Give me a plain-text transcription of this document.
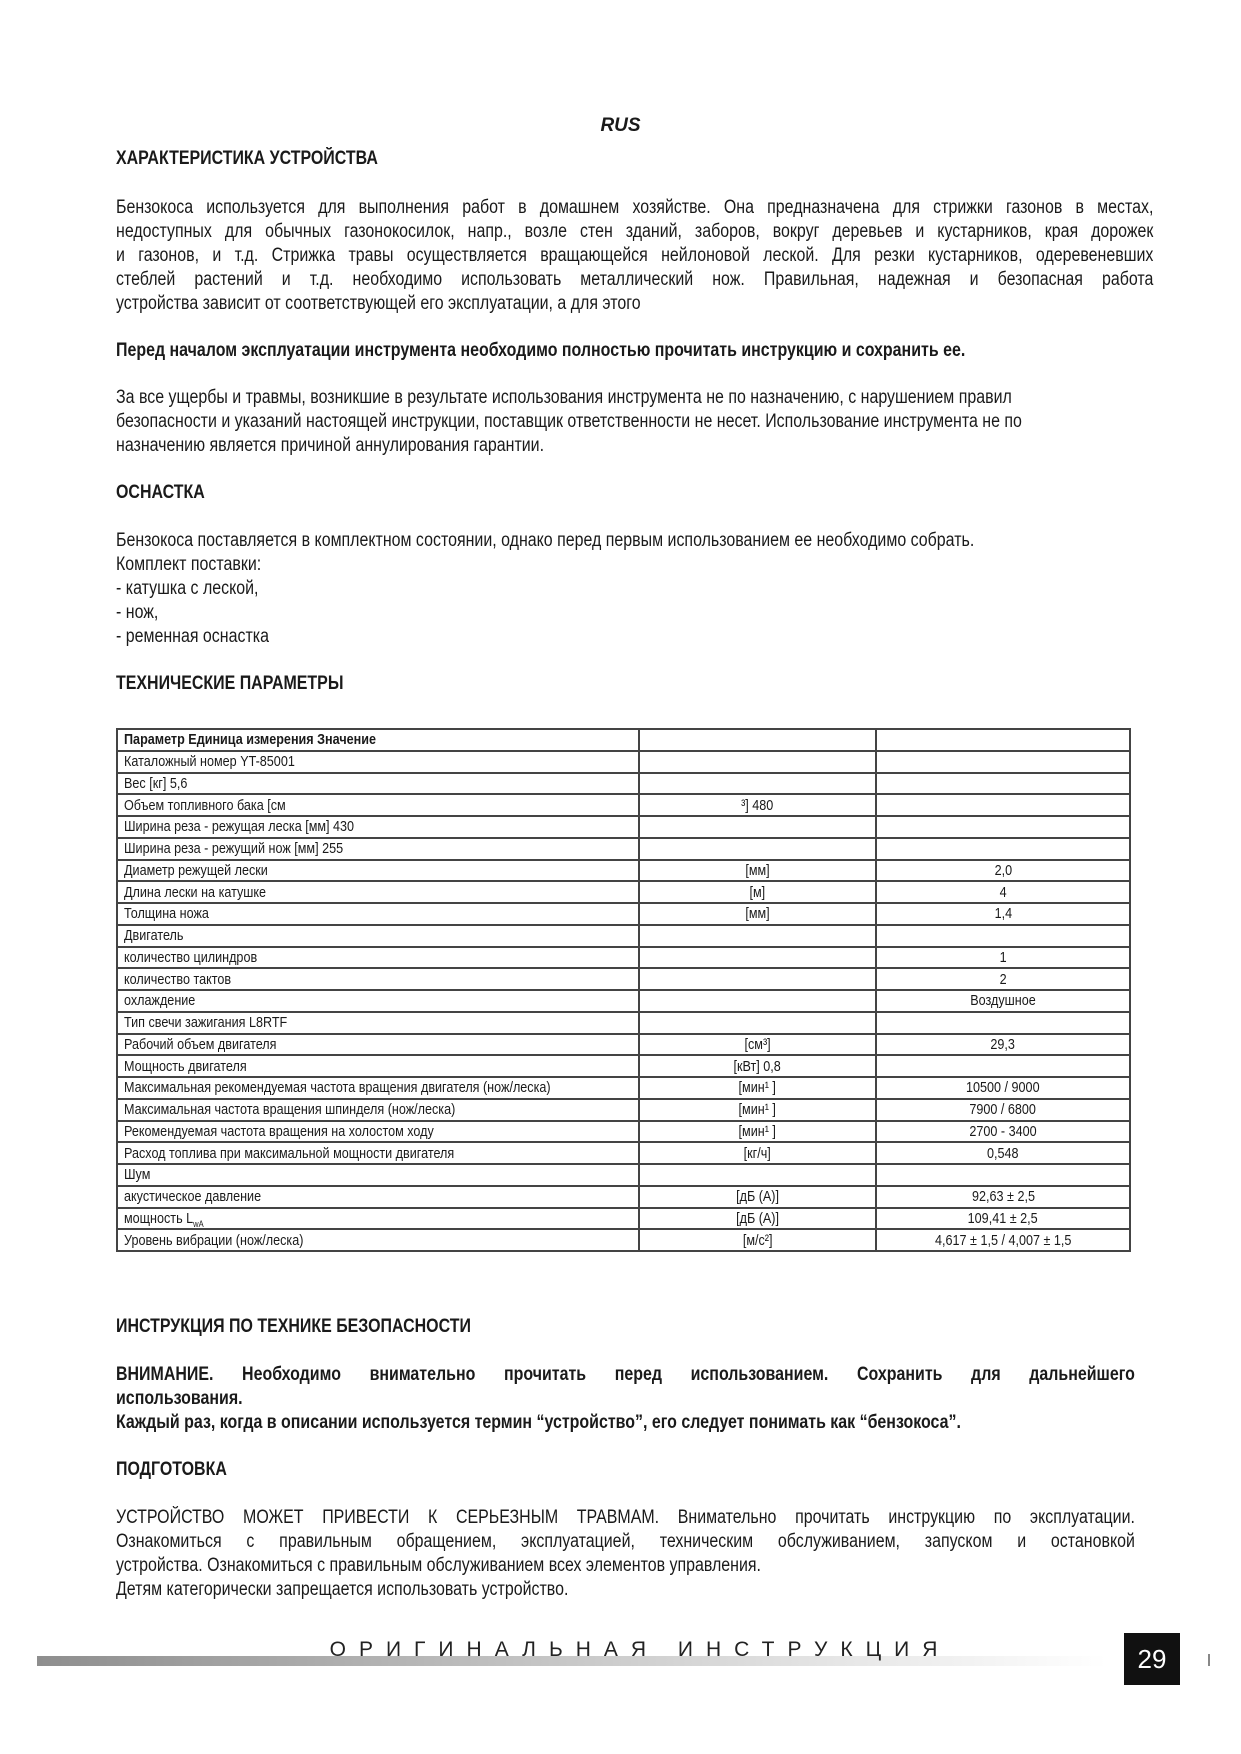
RUS
ХАРАКТЕРИСТИКА УСТРОЙСТВА
Бензокоса используется для выполнения работ в домашнем хозяйстве. Она предназначена для стрижки газонов в местах,
недоступных для обычных газонокосилок, напр., возле стен зданий, заборов, вокруг деревьев и кустарников, края дорожек
и газонов, и т.д. Стрижка травы осуществляется вращающейся нейлоновой леской. Для резки кустарников, одеревеневших
стеблей растений и т.д. необходимо использовать металлический нож. Правильная, надежная и безопасная работа
устройства зависит от соответствующей его эксплуатации, а для этого
Перед началом эксплуатации инструмента необходимо полностью прочитать инструкцию и сохранить ее.
За все ущербы и травмы, возникшие в результате использования инструмента не по назначению, с нарушением правил
безопасности и указаний настоящей инструкции, поставщик ответственности не несет. Использование инструмента не по
назначению является причиной аннулирования гарантии.
ОСНАСТКА
Бензокоса поставляется в комплектном состоянии, однако перед первым использованием ее необходимо собрать.
Комплект поставки:
- катушка с леской,
- нож,
- ременная оснастка
ТЕХНИЧЕСКИЕ ПАРАМЕТРЫ
Параметр Единица измерения Значение		
Каталожный номер YT-85001		
Вес [кг] 5,6		
Объем топливного бака [см	³] 480	
Ширина реза - режущая леска [мм] 430		
Ширина реза - режущий нож [мм] 255		
Диаметр режущей лески	[мм]	2,0
Длина лески на катушке	[м]	4
Толщина ножа	[мм]	1,4
Двигатель		
количество цилиндров		1
количество тактов		2
охлаждение		Воздушное
Тип свечи зажигания L8RTF		
Рабочий объем двигателя	[см³]	29,3
Мощность двигателя	[кВт] 0,8	
Максимальная рекомендуемая частота вращения двигателя (нож/леска)	[мин¹ ]	10500 / 9000
Максимальная частота вращения шпинделя (нож/леска)	[мин¹ ]	7900 / 6800
Рекомендуемая частота вращения на холостом ходу	[мин¹ ]	2700 - 3400
Расход топлива при максимальной мощности двигателя	[кг/ч]	0,548
Шум		
акустическое давление	[дБ (A)]	92,63 ± 2,5
мощность $L_{wA}$	[дБ (A)]	109,41 ± 2,5
Уровень вибрации (нож/леска)	[м/с²]	4,617 ± 1,5 / 4,007 ± 1,5
ИНСТРУКЦИЯ ПО ТЕХНИКЕ БЕЗОПАСНОСТИ
ВНИМАНИЕ. Необходимо внимательно прочитать перед использованием. Сохранить для дальнейшего
использования.
Каждый раз, когда в описании используется термин “устройство”, его следует понимать как “бензокоса”.
ПОДГОТОВКА
УСТРОЙСТВО МОЖЕТ ПРИВЕСТИ К СЕРЬЕЗНЫМ ТРАВМАМ. Внимательно прочитать инструкцию по эксплуатации.
Ознакомиться с правильным обращением, эксплуатацией, техническим обслуживанием, запуском и остановкой
устройства. Ознакомиться с правильным обслуживанием всех элементов управления.
Детям категорически запрещается использовать устройство.
ОРИГИНАЛЬНАЯ ИНСТРУКЦИЯ	29
